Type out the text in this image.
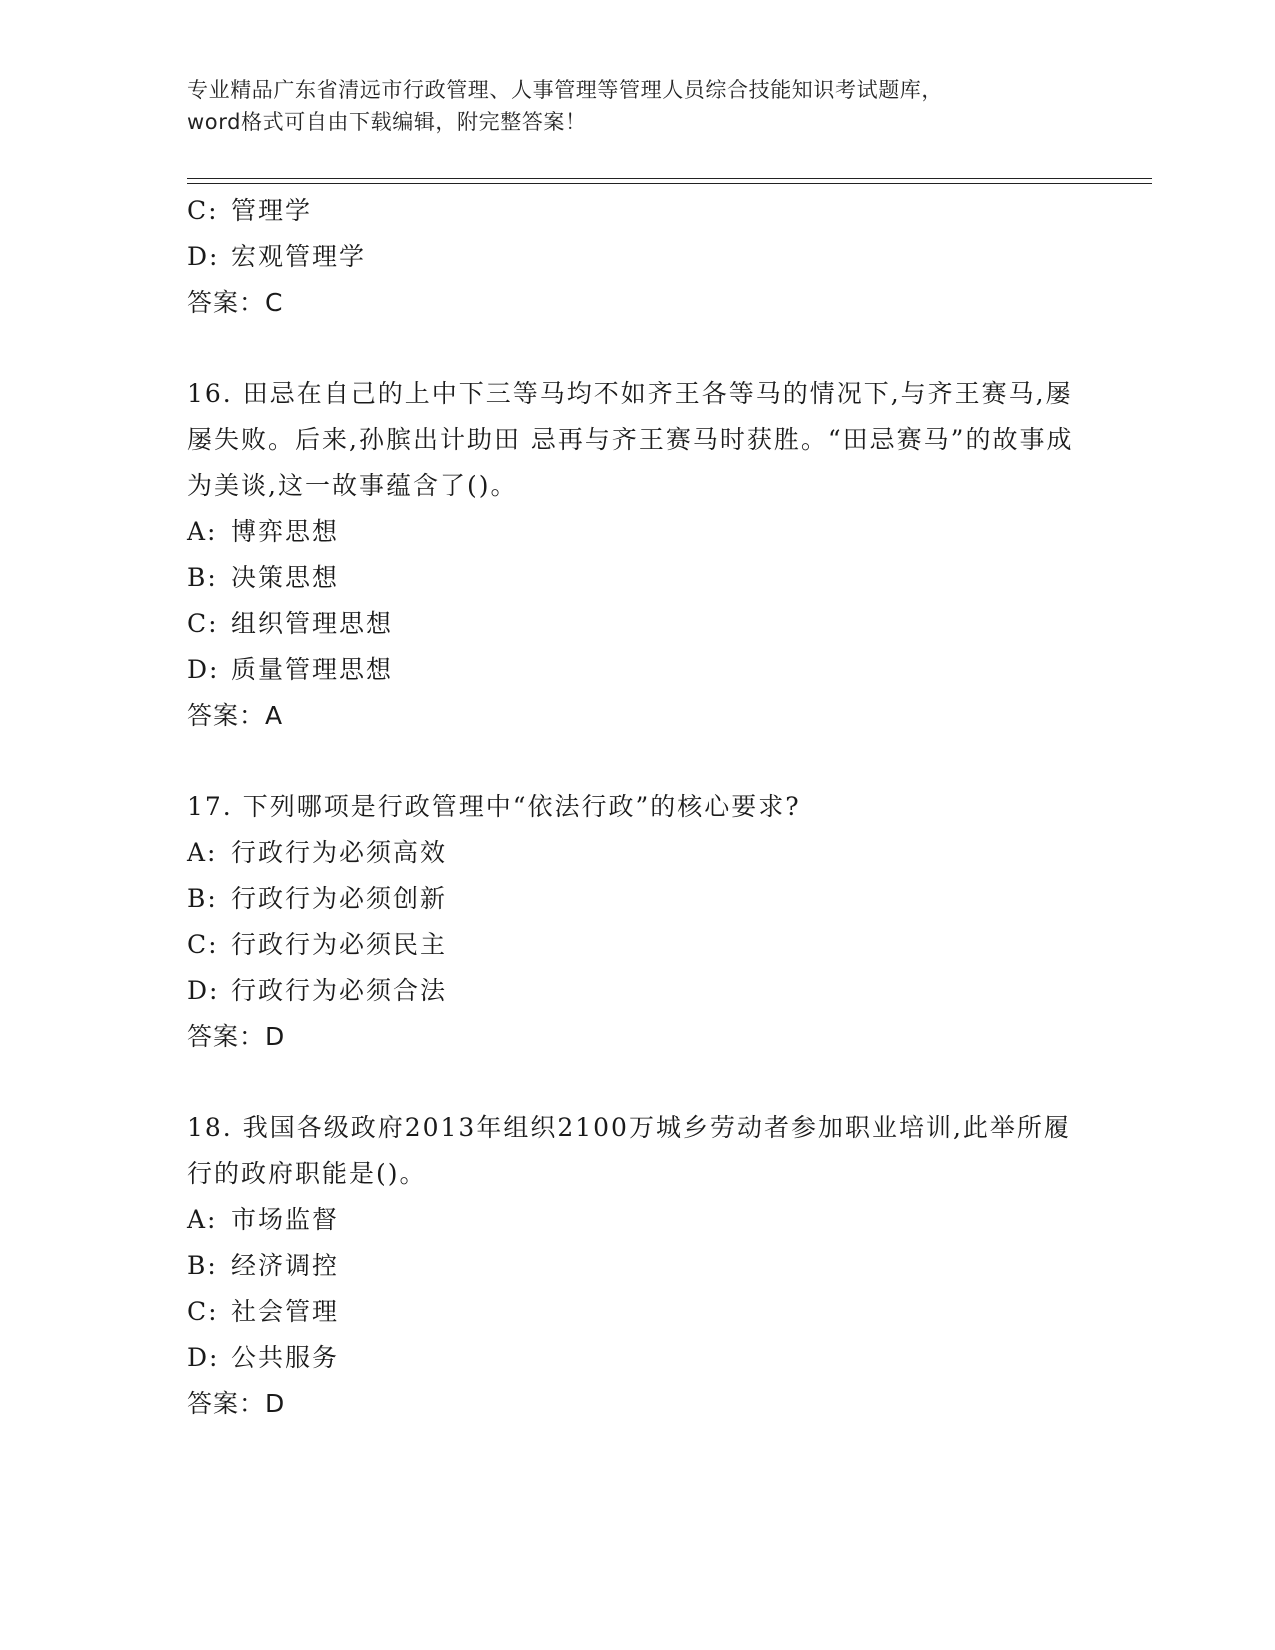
专业精品广东省清远市行政管理、人事管理等管理人员综合技能知识考试题库，
word格式可自由下载编辑，附完整答案！
C: 管理学
D: 宏观管理学
答案：C
16. 田忌在自己的上中下三等马均不如齐王各等马的情况下,与齐王赛马,屡屡失败。后来,孙膑出计助田 忌再与齐王赛马时获胜。“田忌赛马”的故事成为美谈,这一故事蕴含了()。
A: 博弈思想
B: 决策思想
C: 组织管理思想
D: 质量管理思想
答案：A
17. 下列哪项是行政管理中“依法行政”的核心要求?
A: 行政行为必须高效
B: 行政行为必须创新
C: 行政行为必须民主
D: 行政行为必须合法
答案：D
18. 我国各级政府2013年组织2100万城乡劳动者参加职业培训,此举所履行的政府职能是()。
A: 市场监督
B: 经济调控
C: 社会管理
D: 公共服务
答案：D
